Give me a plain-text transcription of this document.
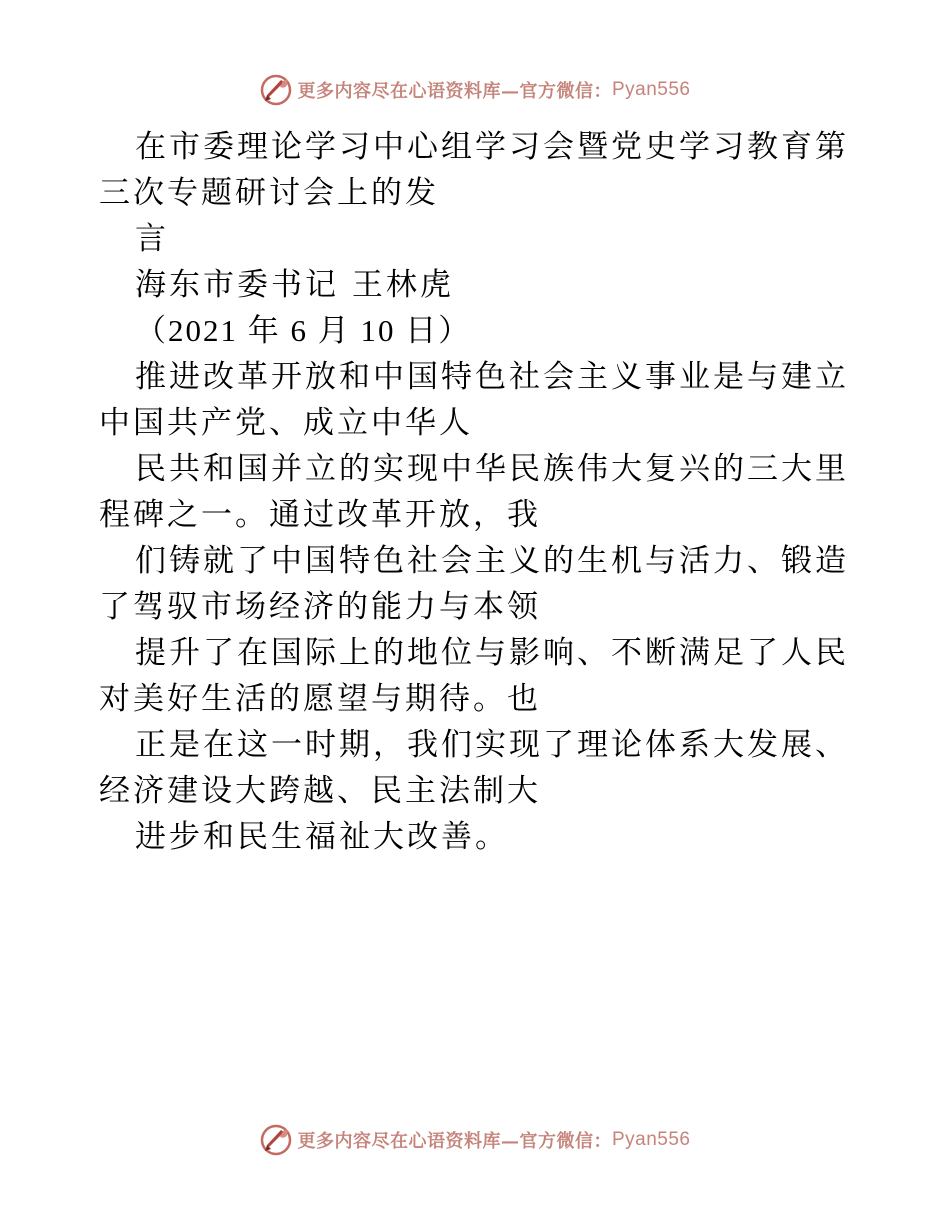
更多内容尽在心语资料库—官方微信： Pyan556
在市委理论学习中心组学习会暨党史学习教育第
三次专题研讨会上的发
言
海东市委书记 王林虎
（2021 年 6 月 10 日）
推进改革开放和中国特色社会主义事业是与建立
中国共产党、成立中华人
民共和国并立的实现中华民族伟大复兴的三大里
程碑之一。通过改革开放，我
们铸就了中国特色社会主义的生机与活力、锻造
了驾驭市场经济的能力与本领
提升了在国际上的地位与影响、不断满足了人民
对美好生活的愿望与期待。也
正是在这一时期，我们实现了理论体系大发展、
经济建设大跨越、民主法制大
进步和民生福祉大改善。
更多内容尽在心语资料库—官方微信： Pyan556
